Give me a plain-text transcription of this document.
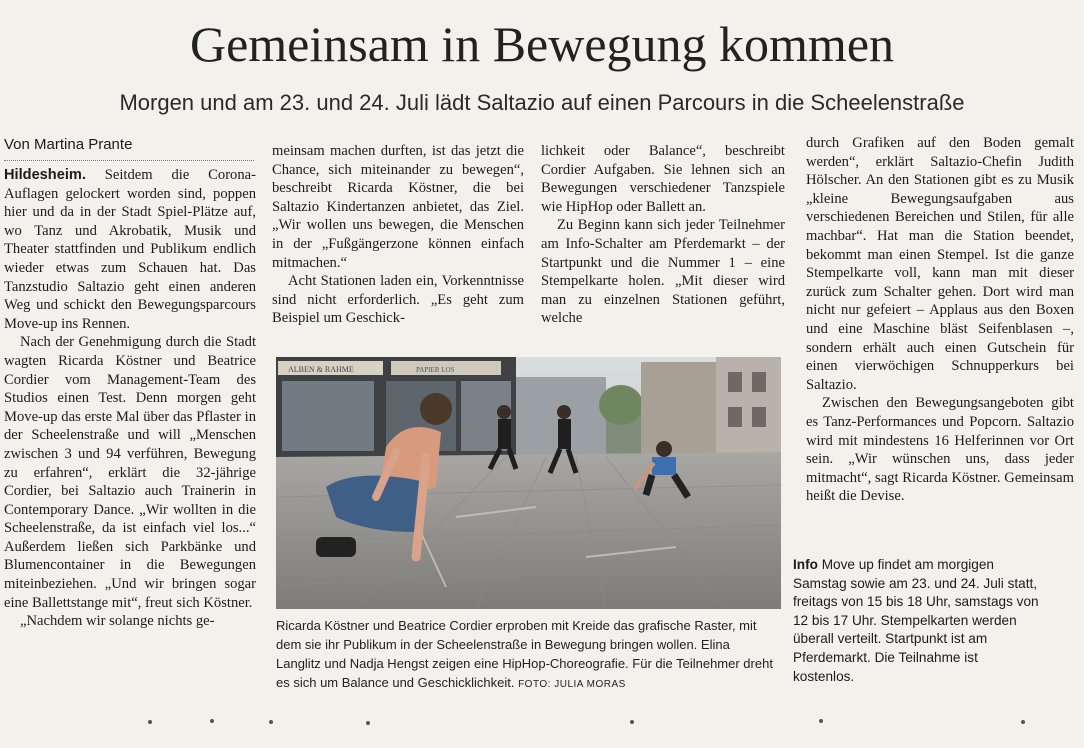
Gemeinsam in Bewegung kommen
Morgen und am 23. und 24. Juli lädt Saltazio auf einen Parcours in die Scheelenstraße
Von Martina Prante

Hildesheim. Seitdem die Corona-Auflagen gelockert worden sind, poppen hier und da in der Stadt Spiel-Plätze auf, wo Tanz und Akrobatik, Musik und Theater stattfinden und Publikum endlich wieder etwas zum Schauen hat. Das Tanzstudio Saltazio geht einen anderen Weg und schickt den Bewegungsparcours Move-up ins Rennen.

Nach der Genehmigung durch die Stadt wagten Ricarda Köstner und Beatrice Cordier vom Management-Team des Studios einen Test. Denn morgen geht Move-up das erste Mal über das Pflaster in der Scheelenstraße und will „Menschen zwischen 3 und 94 verführen, Bewegung zu erfahren“, erklärt die 32-jährige Cordier, bei Saltazio auch Trainerin in Contemporary Dance. „Wir wollten in die Scheelenstraße, da ist einfach viel los...“ Außerdem ließen sich Parkbänke und Blumencontainer in die Bewegungen miteinbeziehen. „Und wir bringen sogar eine Ballettstange mit“, freut sich Köstner.

„Nachdem wir solange nichts ge-

meinsam machen durften, ist das jetzt die Chance, sich miteinander zu bewegen“, beschreibt Ricarda Köstner, die bei Saltazio Kindertanzen anbietet, das Ziel. „Wir wollen uns bewegen, die Menschen in der „Fußgängerzone können einfach mitmachen.“

Acht Stationen laden ein, Vorkenntnisse sind nicht erforderlich. „Es geht zum Beispiel um Geschick-

lichkeit oder Balance“, beschreibt Cordier Aufgaben. Sie lehnen sich an Bewegungen verschiedener Tanzspiele wie HipHop oder Ballett an.

Zu Beginn kann sich jeder Teilnehmer am Info-Schalter am Pferdemarkt – der Startpunkt und die Nummer 1 – eine Stempelkarte holen. „Mit dieser wird man zu einzelnen Stationen geführt, welche

durch Grafiken auf den Boden gemalt werden“, erklärt Saltazio-Chefin Judith Hölscher. An den Stationen gibt es zu Musik „kleine Bewegungsaufgaben aus verschiedenen Bereichen und Stilen, für alle machbar“. Hat man die Station beendet, bekommt man einen Stempel. Ist die ganze Stempelkarte voll, kann man mit dieser zurück zum Schalter gehen. Dort wird man nicht nur gefeiert – Applaus aus den Boxen und eine Maschine bläst Seifenblasen –, sondern erhält auch einen Gutschein für einen vierwöchigen Schnupperkurs bei Saltazio.

Zwischen den Bewegungsangeboten gibt es Tanz-Performances und Popcorn. Saltazio wird mit mindestens 16 Helferinnen vor Ort sein. „Wir wünschen uns, dass jeder mitmacht“, sagt Ricarda Köstner. Gemeinsam heißt die Devise.

Info Move up findet am morgigen Samstag sowie am 23. und 24. Juli statt, freitags von 15 bis 18 Uhr, samstags von 12 bis 17 Uhr. Stempelkarten werden überall verteilt. Startpunkt ist am Pferdemarkt. Die Teilnahme ist kostenlos.
ALBEN & RAHME	PAPIER LOS
Ricarda Köstner und Beatrice Cordier erproben mit Kreide das grafische Raster, mit dem sie ihr Publikum in der Scheelenstraße in Bewegung bringen wollen. Elina Langlitz und Nadja Hengst zeigen eine HipHop-Choreografie. Für die Teilnehmer dreht es sich um Balance und Geschicklichkeit. FOTO: JULIA MORAS
